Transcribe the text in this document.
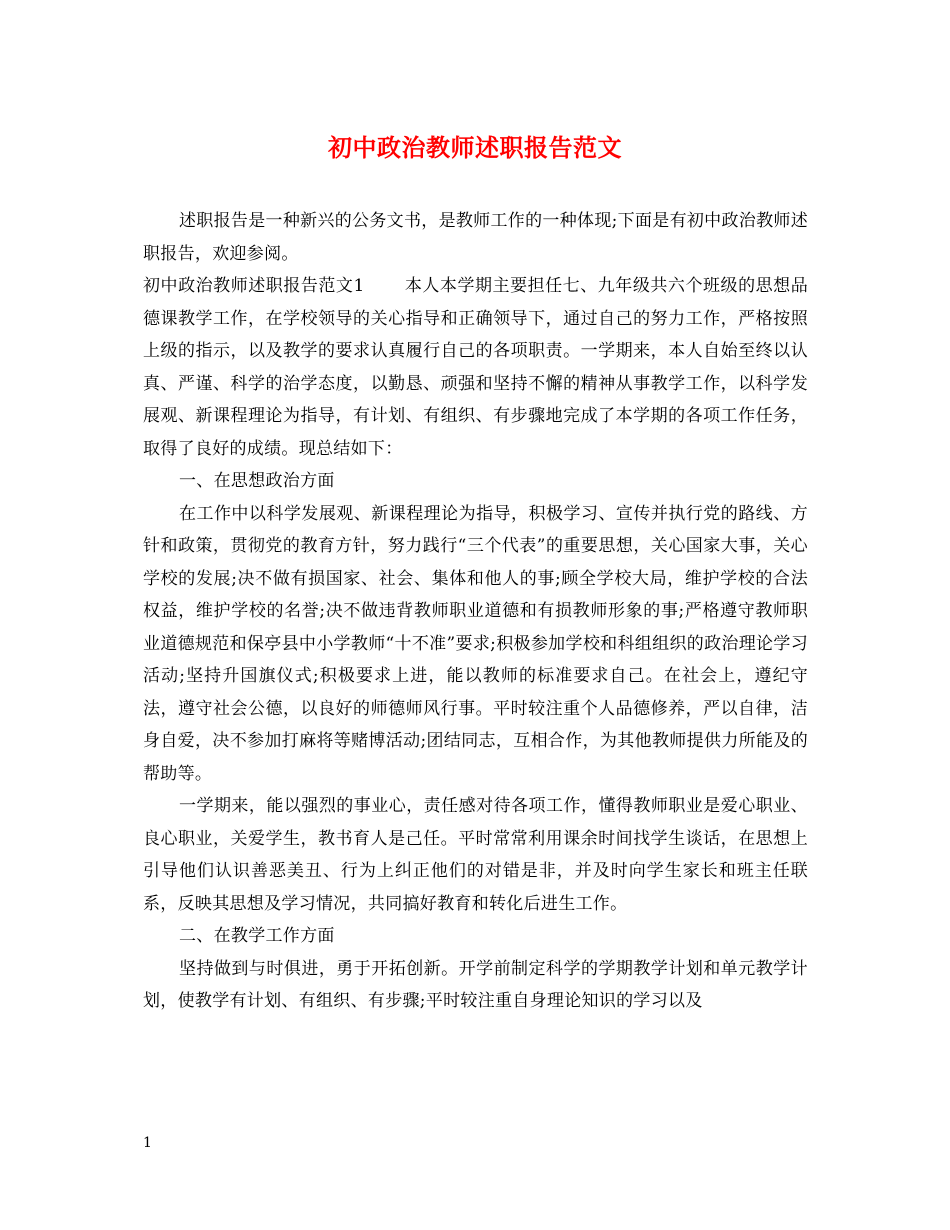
初中政治教师述职报告范文

述职报告是一种新兴的公务文书，是教师工作的一种体现;下面是有初中政治教师述职报告，欢迎参阅。

初中政治教师述职报告范文1 本人本学期主要担任七、九年级共六个班级的思想品德课教学工作，在学校领导的关心指导和正确领导下，通过自己的努力工作，严格按照上级的指示，以及教学的要求认真履行自己的各项职责。一学期来，本人自始至终以认真、严谨、科学的治学态度，以勤恳、顽强和坚持不懈的精神从事教学工作，以科学发展观、新课程理论为指导，有计划、有组织、有步骤地完成了本学期的各项工作任务，取得了良好的成绩。现总结如下：

一、在思想政治方面

在工作中以科学发展观、新课程理论为指导，积极学习、宣传并执行党的路线、方针和政策，贯彻党的教育方针，努力践行“三个代表”的重要思想，关心国家大事，关心学校的发展;决不做有损国家、社会、集体和他人的事;顾全学校大局，维护学校的合法权益，维护学校的名誉;决不做违背教师职业道德和有损教师形象的事;严格遵守教师职业道德规范和保亭县中小学教师“十不准”要求;积极参加学校和科组组织的政治理论学习活动;坚持升国旗仪式;积极要求上进，能以教师的标准要求自己。在社会上，遵纪守法，遵守社会公德，以良好的师德师风行事。平时较注重个人品德修养，严以自律，洁身自爱，决不参加打麻将等赌博活动;团结同志，互相合作，为其他教师提供力所能及的帮助等。

一学期来，能以强烈的事业心，责任感对待各项工作，懂得教师职业是爱心职业、良心职业，关爱学生，教书育人是己任。平时常常利用课余时间找学生谈话，在思想上引导他们认识善恶美丑、行为上纠正他们的对错是非，并及时向学生家长和班主任联系，反映其思想及学习情况，共同搞好教育和转化后进生工作。

二、在教学工作方面

坚持做到与时俱进，勇于开拓创新。开学前制定科学的学期教学计划和单元教学计划，使教学有计划、有组织、有步骤;平时较注重自身理论知识的学习以及

1
